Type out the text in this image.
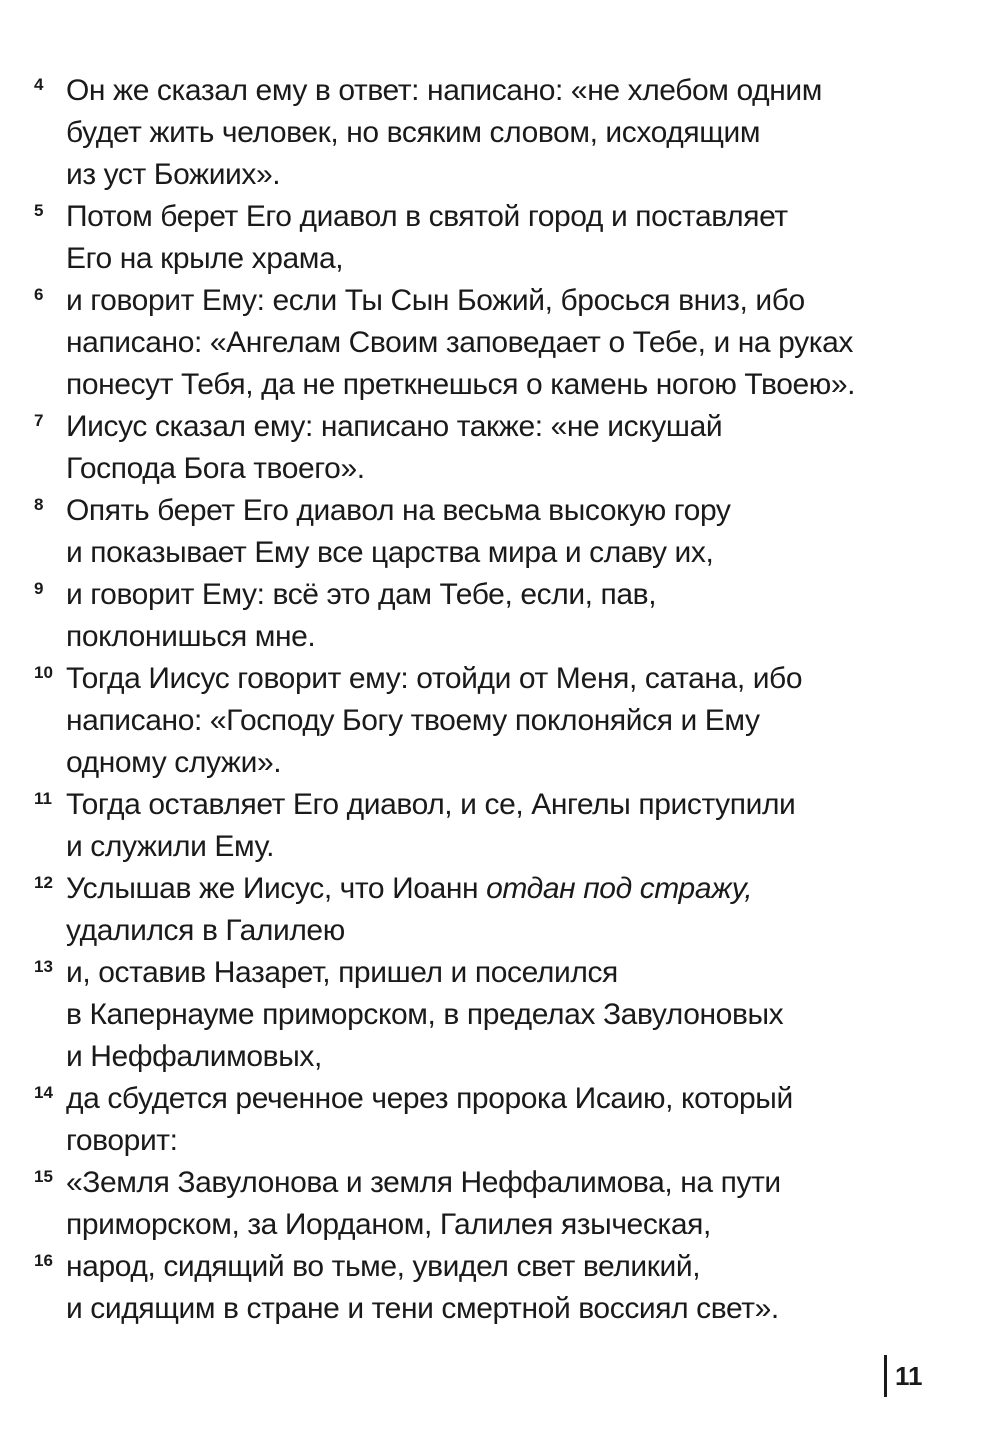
4 Он же сказал ему в ответ: написано: «не хлебом одним
будет жить человек, но всяким словом, исходящим
из уст Божиих».
5 Потом берет Его диавол в святой город и поставляет
Его на крыле храма,
6 и говорит Ему: если Ты Сын Божий, бросься вниз, ибо
написано: «Ангелам Своим заповедает о Тебе, и на руках
понесут Тебя, да не преткнешься о камень ногою Твоею».
7 Иисус сказал ему: написано также: «не искушай
Господа Бога твоего».
8 Опять берет Его диавол на весьма высокую гору
и показывает Ему все царства мира и славу их,
9 и говорит Ему: всё это дам Тебе, если, пав,
поклонишься мне.
10 Тогда Иисус говорит ему: отойди от Меня, сатана, ибо
написано: «Господу Богу твоему поклоняйся и Ему
одному служи».
11 Тогда оставляет Его диавол, и се, Ангелы приступили
и служили Ему.
12 Услышав же Иисус, что Иоанн отдан под стражу,
удалился в Галилею
13 и, оставив Назарет, пришел и поселился
в Капернауме приморском, в пределах Завулоновых
и Неффалимовых,
14 да сбудется реченное через пророка Исаию, который
говорит:
15 «Земля Завулонова и земля Неффалимова, на пути
приморском, за Иорданом, Галилея языческая,
16 народ, сидящий во тьме, увидел свет великий,
и сидящим в стране и тени смертной воссиял свет».
11
